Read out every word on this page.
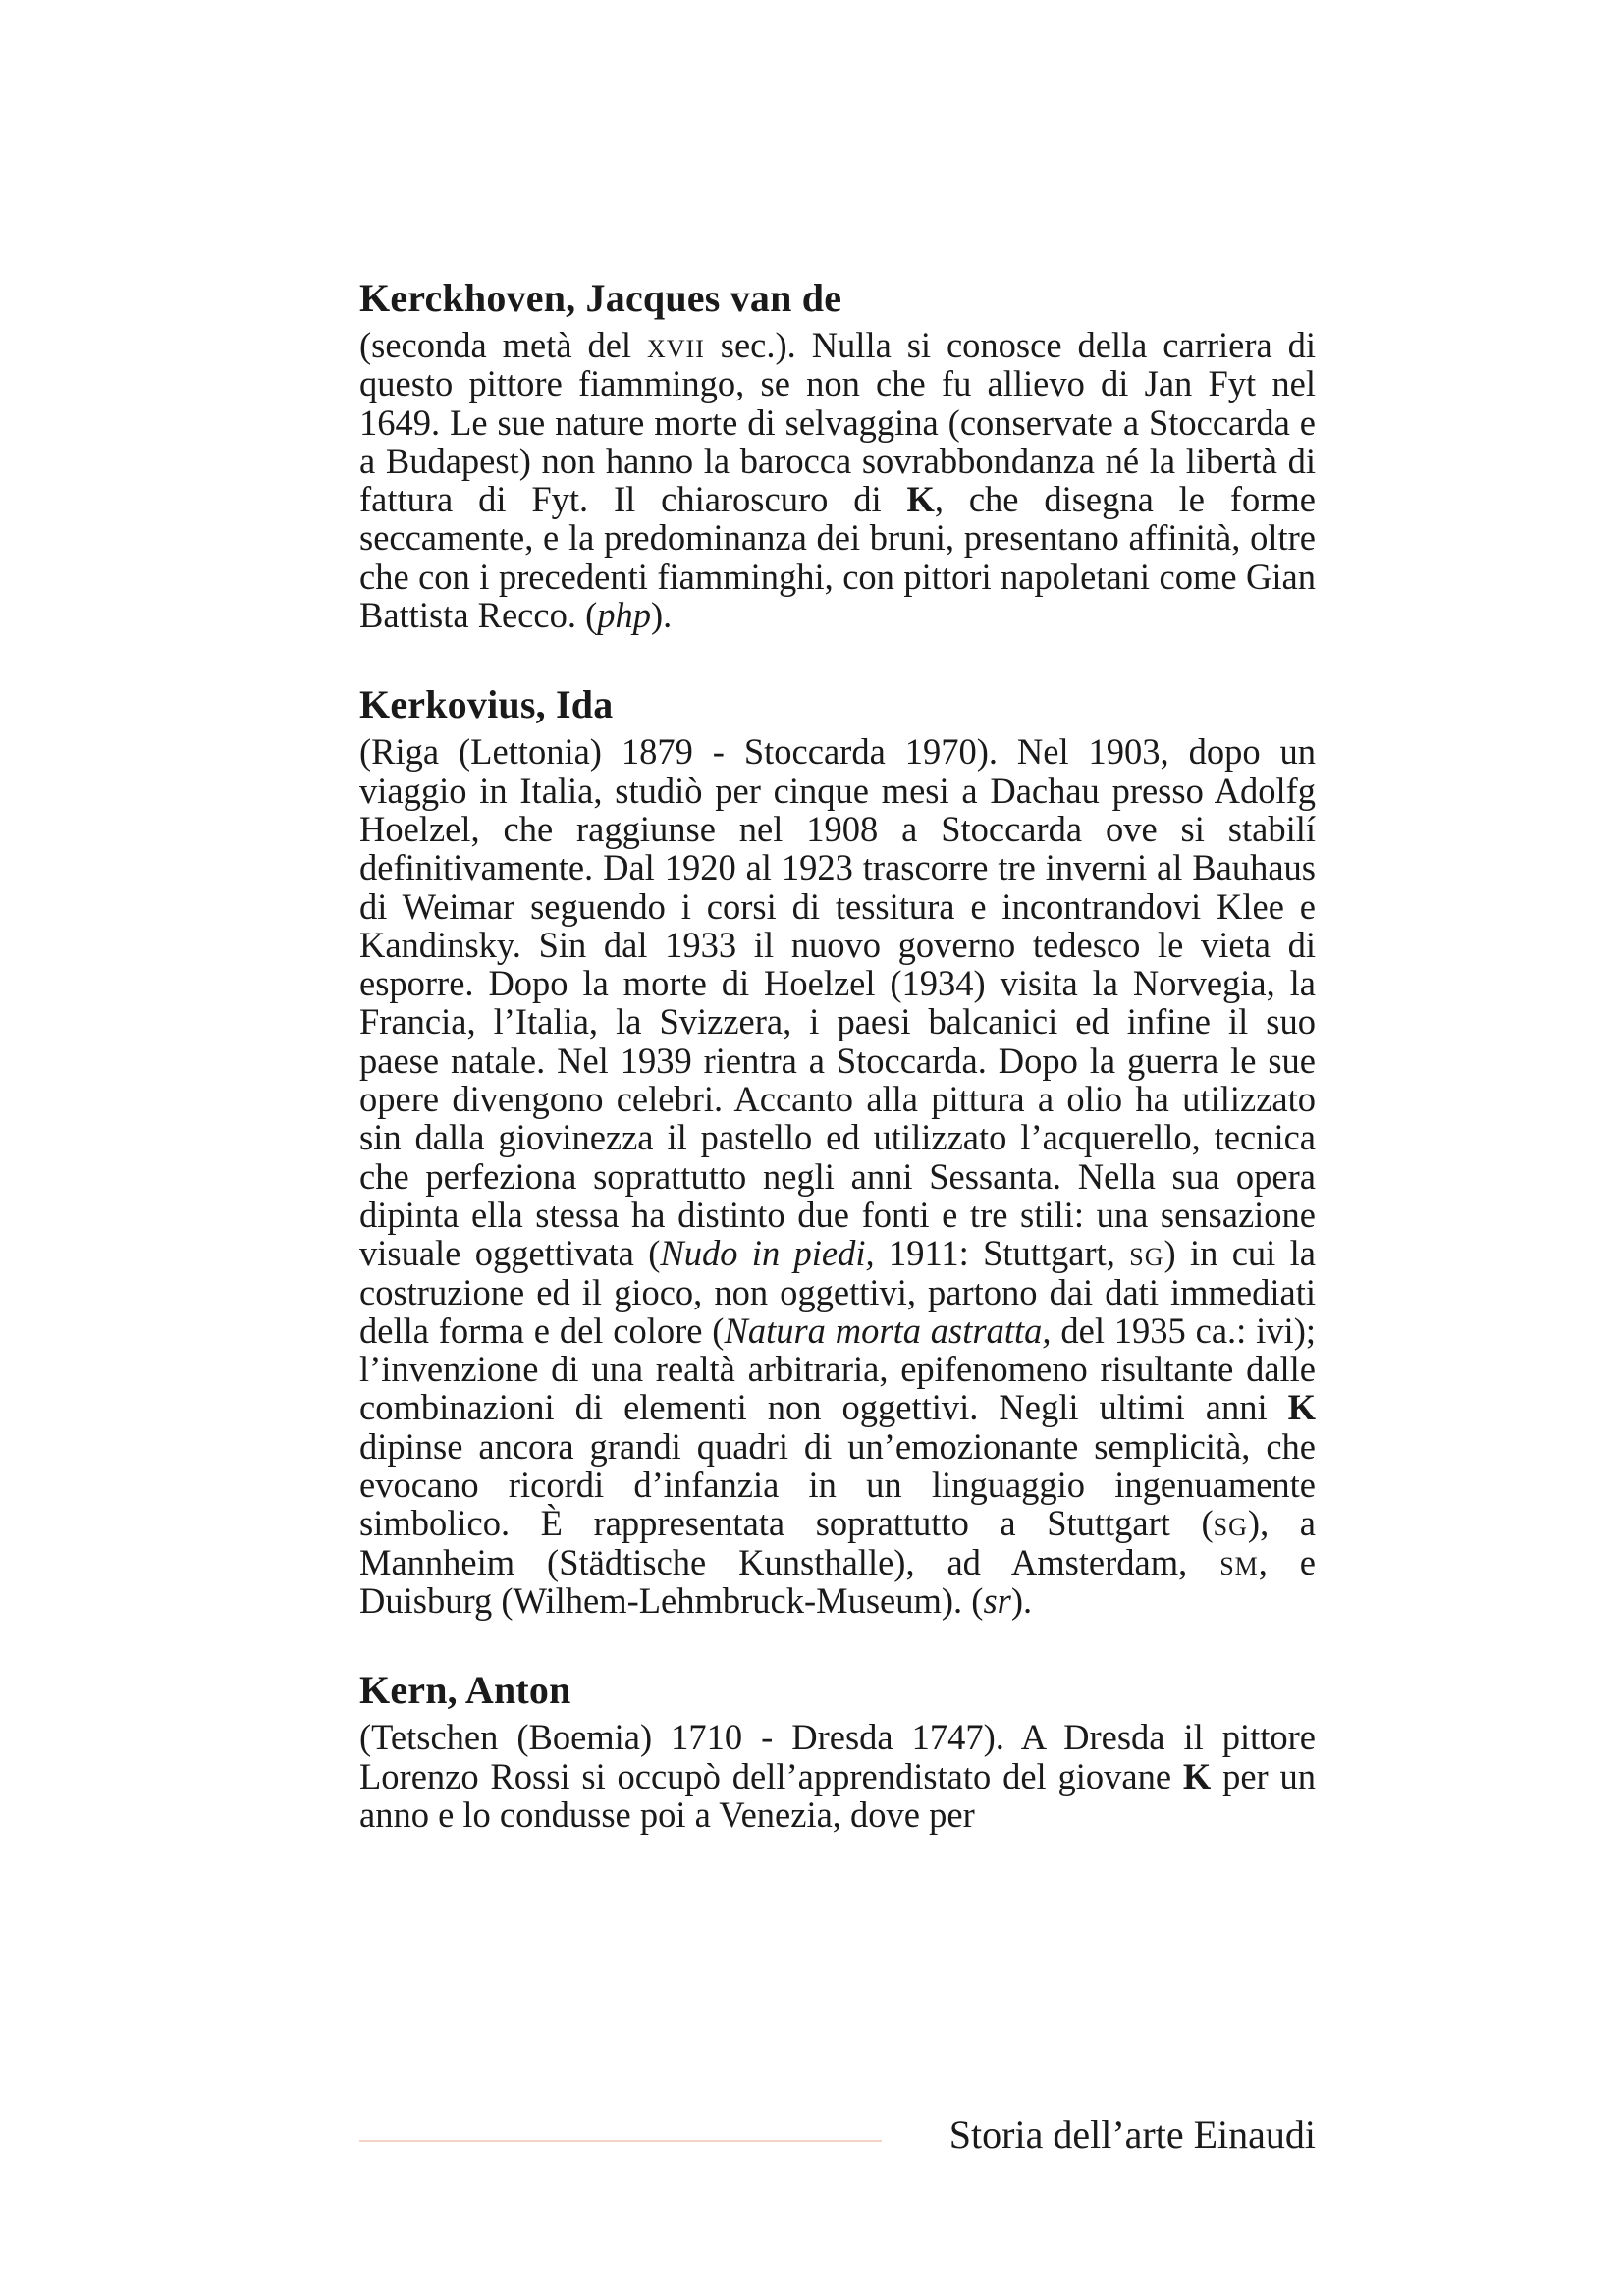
Kerckhoven, Jacques van de

(seconda metà del xvii sec.). Nulla si conosce della carriera di questo pittore fiammingo, se non che fu allievo di Jan Fyt nel 1649. Le sue nature morte di selvaggina (conservate a Stoccarda e a Budapest) non hanno la barocca sovrabbondanza né la libertà di fattura di Fyt. Il chiaroscuro di K, che disegna le forme seccamente, e la predominanza dei bruni, presentano affinità, oltre che con i precedenti fiamminghi, con pittori napoletani come Gian Battista Recco. (php).

Kerkovius, Ida

(Riga (Lettonia) 1879 - Stoccarda 1970). Nel 1903, dopo un viaggio in Italia, studiò per cinque mesi a Dachau presso Adolfg Hoelzel, che raggiunse nel 1908 a Stoccarda ove si stabilí definitivamente. Dal 1920 al 1923 trascorre tre inverni al Bauhaus di Weimar seguendo i corsi di tessitura e incontrandovi Klee e Kandinsky. Sin dal 1933 il nuovo governo tedesco le vieta di esporre. Dopo la morte di Hoelzel (1934) visita la Norvegia, la Francia, l’Italia, la Svizzera, i paesi balcanici ed infine il suo paese natale. Nel 1939 rientra a Stoccarda. Dopo la guerra le sue opere divengono celebri. Accanto alla pittura a olio ha utilizzato sin dalla giovinezza il pastello ed utilizzato l’acquerello, tecnica che perfeziona soprattutto negli anni Sessanta. Nella sua opera dipinta ella stessa ha distinto due fonti e tre stili: una sensazione visuale oggettivata (Nudo in piedi, 1911: Stuttgart, sg) in cui la costruzione ed il gioco, non oggettivi, partono dai dati immediati della forma e del colore (Natura morta astratta, del 1935 ca.: ivi); l’invenzione di una realtà arbitraria, epifenomeno risultante dalle combinazioni di elementi non oggettivi. Negli ultimi anni K dipinse ancora grandi quadri di un’emozionante semplicità, che evocano ricordi d’infanzia in un linguaggio ingenuamente simbolico. È rappresentata soprattutto a Stuttgart (sg), a Mannheim (Städtische Kunsthalle), ad Amsterdam, sm, e Duisburg (Wilhem-Lehmbruck-Museum). (sr).

Kern, Anton

(Tetschen (Boemia) 1710 - Dresda 1747). A Dresda il pittore Lorenzo Rossi si occupò dell’apprendistato del giovane K per un anno e lo condusse poi a Venezia, dove per

Storia dell’arte Einaudi
